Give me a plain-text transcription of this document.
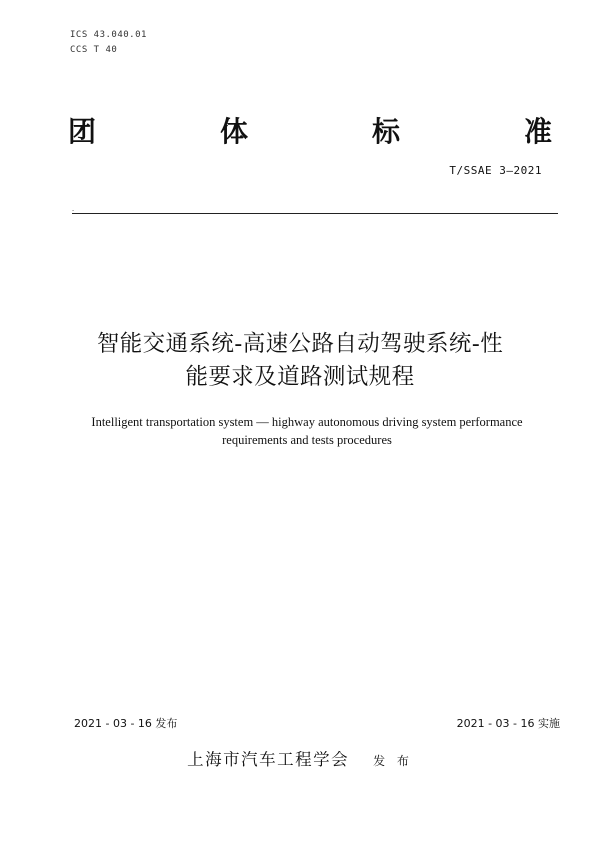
ICS 43.040.01
CCS T 40
团	体	标	准
T/SSAE 3—2021
-
智能交通系统-高速公路自动驾驶系统-性
能要求及道路测试规程
Intelligent transportation system — highway autonomous driving system performance
requirements and tests procedures
2021 - 03 - 16 发布	2021 - 03 - 16 实施
上海市汽车工程学会 发 布
